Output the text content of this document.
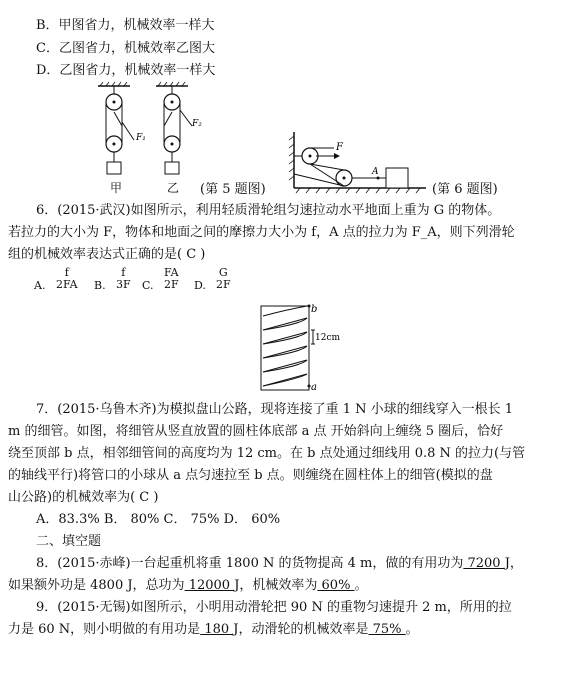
B．甲图省力，机械效率一样大
C．乙图省力，机械效率乙图大
D．乙图省力，机械效率一样大
F₁
F₂
甲	乙 (第 5 题图)
F
A
(第 6 题图)
6．(2015·武汉)如图所示，利用轻质滑轮组匀速拉动水平地面上重为 G 的物体。
若拉力的大小为 F，物体和地面之间的摩擦力大小为 f，A 点的拉力为 F_A，则下列滑轮
组的机械效率表达式正确的是( C )
f
2FA
A.
f
3F
B.
FA
2F
C.
G
2F
D.
b
a
12cm
7．(2015·乌鲁木齐)为模拟盘山公路，现将连接了重 1 N 小球的细线穿入一根长 1
m 的细管。如图，将细管从竖直放置的圆柱体底部 a 点 开始斜向上缠绕 5 圈后，恰好
绕至顶部 b 点，相邻细管间的高度均为 12 cm。在 b 点处通过细线用 0.8 N 的拉力(与管
的轴线平行)将管口的小球从 a 点匀速拉至 b 点。则缠绕在圆柱体上的细管(模拟的盘
山公路)的机械效率为( C )
A．83.3% B． 80% C． 75% D． 60%
二、填空题
8．(2015·赤峰)一台起重机将重 1800 N 的货物提高 4 m，做的有用功为 7200 J，
如果额外功是 4800 J，总功为 12000 J，机械效率为 60% 。
9．(2015·无锡)如图所示，小明用动滑轮把 90 N 的重物匀速提升 2 m，所用的拉
力是 60 N，则小明做的有用功是 180 J，动滑轮的机械效率是 75% 。
